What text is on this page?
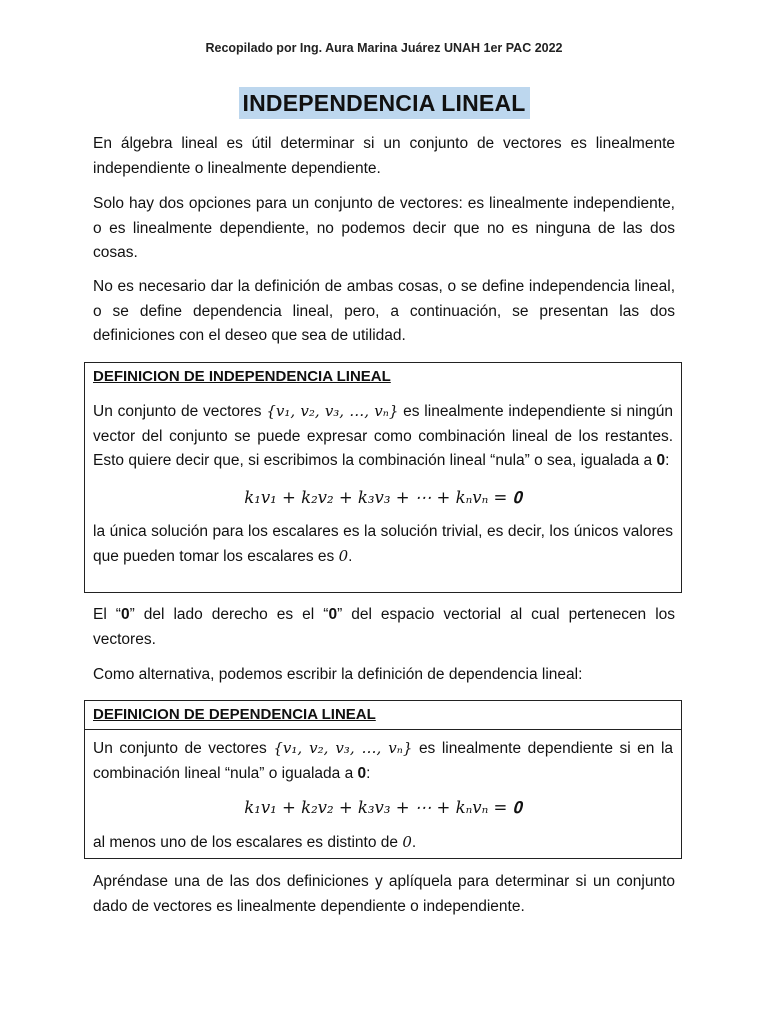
Recopilado por Ing. Aura Marina Juárez UNAH 1er PAC 2022
INDEPENDENCIA LINEAL

En álgebra lineal es útil determinar si un conjunto de vectores es linealmente independiente o linealmente dependiente.

Solo hay dos opciones para un conjunto de vectores: es linealmente independiente, o es linealmente dependiente, no podemos decir que no es ninguna de las dos cosas.

No es necesario dar la definición de ambas cosas, o se define independencia lineal, o se define dependencia lineal, pero, a continuación, se presentan las dos definiciones con el deseo que sea de utilidad.

DEFINICION DE INDEPENDENCIA LINEAL

Un conjunto de vectores {v₁, v₂, v₃, …, vₙ} es linealmente independiente si ningún vector del conjunto se puede expresar como combinación lineal de los restantes. Esto quiere decir que, si escribimos la combinación lineal “nula” o sea, igualada a 0:

k₁v₁ + k₂v₂ + k₃v₃ + ⋯ + kₙvₙ = 𝟎

la única solución para los escalares es la solución trivial, es decir, los únicos valores que pueden tomar los escalares es 0.

El “0” del lado derecho es el “0” del espacio vectorial al cual pertenecen los vectores.

Como alternativa, podemos escribir la definición de dependencia lineal:

DEFINICION DE DEPENDENCIA LINEAL

Un conjunto de vectores {v₁, v₂, v₃, …, vₙ} es linealmente dependiente si en la combinación lineal “nula” o igualada a 0:

k₁v₁ + k₂v₂ + k₃v₃ + ⋯ + kₙvₙ = 𝟎

al menos uno de los escalares es distinto de 0.

Apréndase una de las dos definiciones y aplíquela para determinar si un conjunto dado de vectores es linealmente dependiente o independiente.
